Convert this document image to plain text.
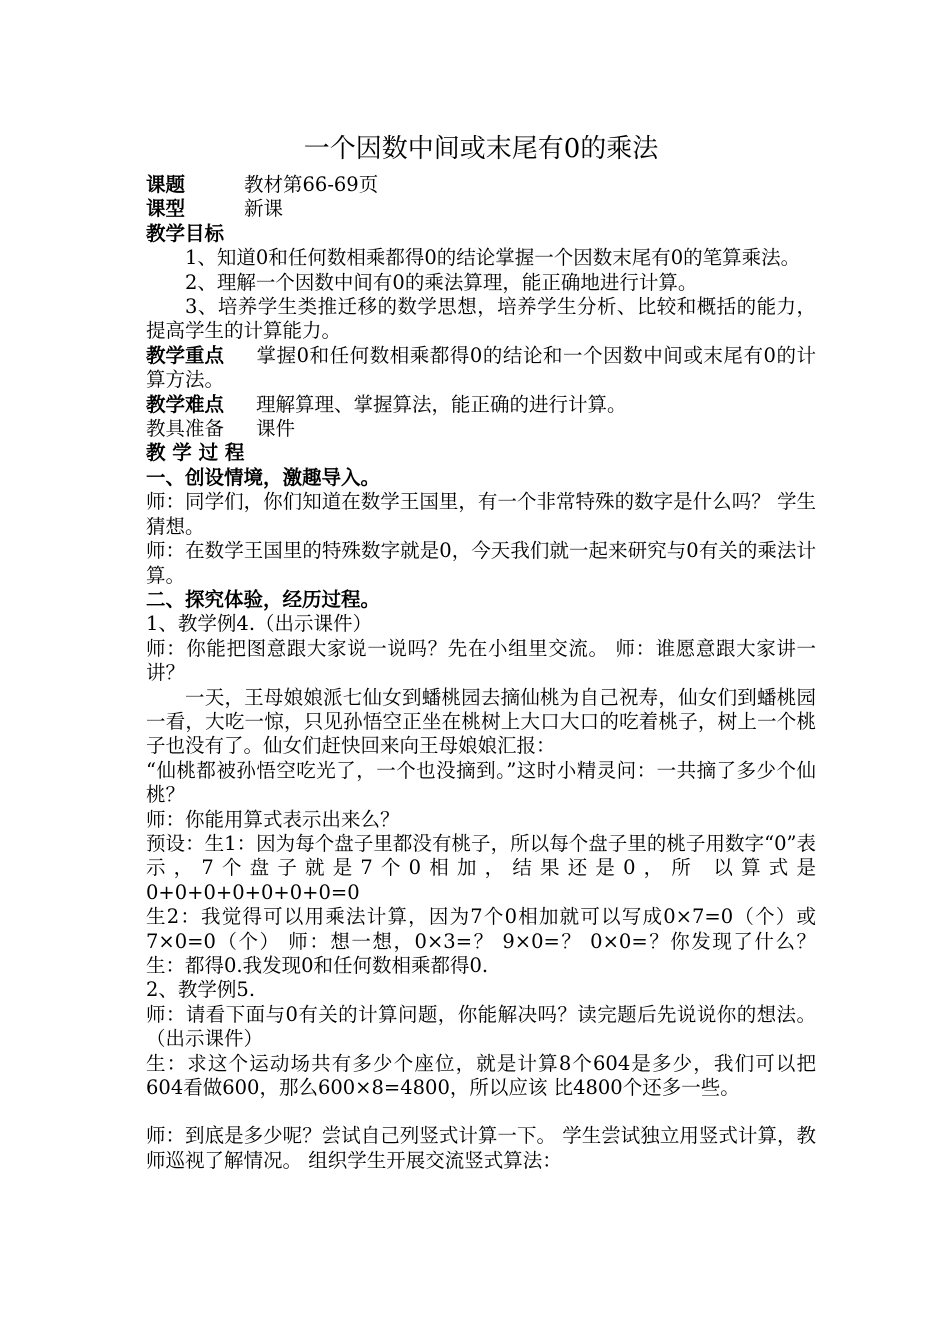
一个因数中间或末尾有0的乘法
课题	教材第66-69页
课型	新课
教学目标

1、知道0和任何数相乘都得0的结论掌握一个因数末尾有0的笔算乘法。

2、理解一个因数中间有0的乘法算理，能正确地进行计算。

3、培养学生类推迁移的数学思想，培养学生分析、比较和概括的能力，提高学生的计算能力。

教学重点 掌握0和任何数相乘都得0的结论和一个因数中间或末尾有0的计算方法。

教学难点 理解算理、掌握算法，能正确的进行计算。

教具准备 课件

教 学 过 程
一、创设情境，激趣导入。

师：同学们，你们知道在数学王国里，有一个非常特殊的数字是什么吗？ 学生猜想。

师：在数学王国里的特殊数字就是0，今天我们就一起来研究与0有关的乘法计算。

二、探究体验，经历过程。

1、教学例4.（出示课件）

师：你能把图意跟大家说一说吗？先在小组里交流。 师：谁愿意跟大家讲一讲？

一天，王母娘娘派七仙女到蟠桃园去摘仙桃为自己祝寿，仙女们到蟠桃园一看，大吃一惊，只见孙悟空正坐在桃树上大口大口的吃着桃子，树上一个桃子也没有了。仙女们赶快回来向王母娘娘汇报：

“仙桃都被孙悟空吃光了，一个也没摘到。”这时小精灵问：一共摘了多少个仙桃？

师：你能用算式表示出来么？

预设：生1：因为每个盘子里都没有桃子，所以每个盘子里的桃子用数字“0”表示，7个盘子就是7个0相加，结果还是0，所 以算式是0+0+0+0+0+0+0=0

生2：我觉得可以用乘法计算，因为7个0相加就可以写成0×7=0（个）或7×0=0（个） 师：想一想，0×3=？ 9×0=？ 0×0=？你发现了什么？ 生：都得0.我发现0和任何数相乘都得0.

2、教学例5.

师：请看下面与0有关的计算问题，你能解决吗？读完题后先说说你的想法。（出示课件）

生：求这个运动场共有多少个座位，就是计算8个604是多少，我们可以把604看做600，那么600×8=4800，所以应该 比4800个还多一些。

师：到底是多少呢？尝试自己列竖式计算一下。 学生尝试独立用竖式计算，教师巡视了解情况。 组织学生开展交流竖式算法：
